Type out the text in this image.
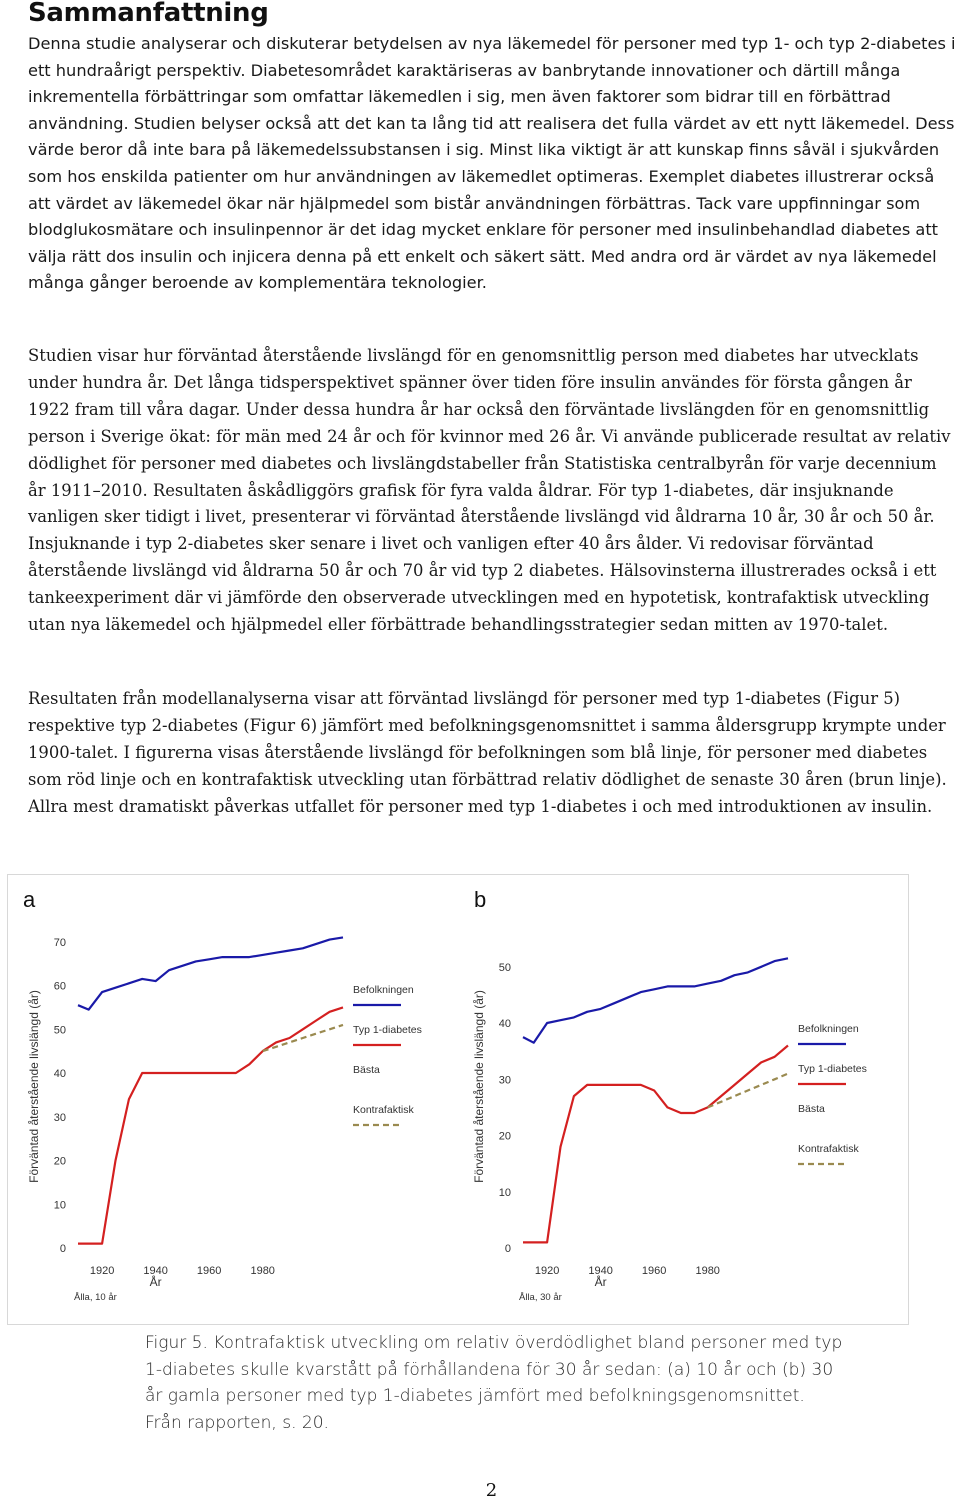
Sammanfattning

Denna studie analyserar och diskuterar betydelsen av nya läkemedel för personer med typ 1- och typ 2-diabetes i ett hundraårigt perspektiv. Diabetesområdet karaktäriseras av banbrytande innovationer och därtill många inkrementella förbättringar som omfattar läkemedlen i sig, men även faktorer som bidrar till en förbättrad användning. Studien belyser också att det kan ta lång tid att realisera det fulla värdet av ett nytt läkemedel. Dess värde beror då inte bara på läkemedelssubstansen i sig. Minst lika viktigt är att kunskap finns såväl i sjukvården som hos enskilda patienter om hur användningen av läkemedlet optimeras. Exemplet diabetes illustrerar också att värdet av läkemedel ökar när hjälpmedel som bistår användningen förbättras. Tack vare uppfinningar som blodglukosmätare och insulinpennor är det idag mycket enklare för personer med insulinbehandlad diabetes att välja rätt dos insulin och injicera denna på ett enkelt och säkert sätt. Med andra ord är värdet av nya läkemedel många gånger beroende av komplementära teknologier.

Studien visar hur förväntad återstående livslängd för en genomsnittlig person med diabetes har utvecklats under hundra år. Det långa tidsperspektivet spänner över tiden före insulin användes för första gången år 1922 fram till våra dagar. Under dessa hundra år har också den förväntade livslängden för en genomsnittlig person i Sverige ökat: för män med 24 år och för kvinnor med 26 år. Vi använde publicerade resultat av relativ dödlighet för personer med diabetes och livslängdstabeller från Statistiska centralbyrån för varje decennium år 1911–2010. Resultaten åskådliggörs grafisk för fyra valda åldrar. För typ 1-diabetes, där insjuknande vanligen sker tidigt i livet, presenterar vi förväntad återstående livslängd vid åldrarna 10 år, 30 år och 50 år. Insjuknande i typ 2-diabetes sker senare i livet och vanligen efter 40 års ålder. Vi redovisar förväntad återstående livslängd vid åldrarna 50 år och 70 år vid typ 2 diabetes. Hälsovinsterna illustrerades också i ett tankeexperiment där vi jämförde den observerade utvecklingen med en hypotetisk, kontrafaktisk utveckling utan nya läkemedel och hjälpmedel eller förbättrade behandlingsstrategier sedan mitten av 1970-talet.

Resultaten från modellanalyserna visar att förväntad livslängd för personer med typ 1-diabetes (Figur 5) respektive typ 2-diabetes (Figur 6) jämfört med befolkningsgenomsnittet i samma åldersgrupp krympte under 1900-talet. I figurerna visas återstående livslängd för befolkningen som blå linje, för personer med diabetes som röd linje och en kontrafaktisk utveckling utan förbättrad relativ dödlighet de senaste 30 åren (brun linje). Allra mest dramatiskt påverkas utfallet för personer med typ 1-diabetes i och med introduktionen av insulin.

a
0
10
20
30
40
50
60
70
1920	1940	1960	1980
År
Ålla, 10 år
Förväntad återstående livslängd (år)
Befolkningen
Typ 1-diabetes
Bästa
Kontrafaktisk
b
0
10
20
30
40
50
1920	1940	1960	1980
År
Ålla, 30 år
Förväntad återstående livslängd (år)	Befolkningen
Typ 1-diabetes
Bästa
Kontrafaktisk

Figur 5. Kontrafaktisk utveckling om relativ överdödlighet bland personer med typ 1-diabetes skulle kvarstått på förhållandena för 30 år sedan: (a) 10 år och (b) 30 år gamla personer med typ 1-diabetes jämfört med befolkningsgenomsnittet. Från rapporten, s. 20.

2
